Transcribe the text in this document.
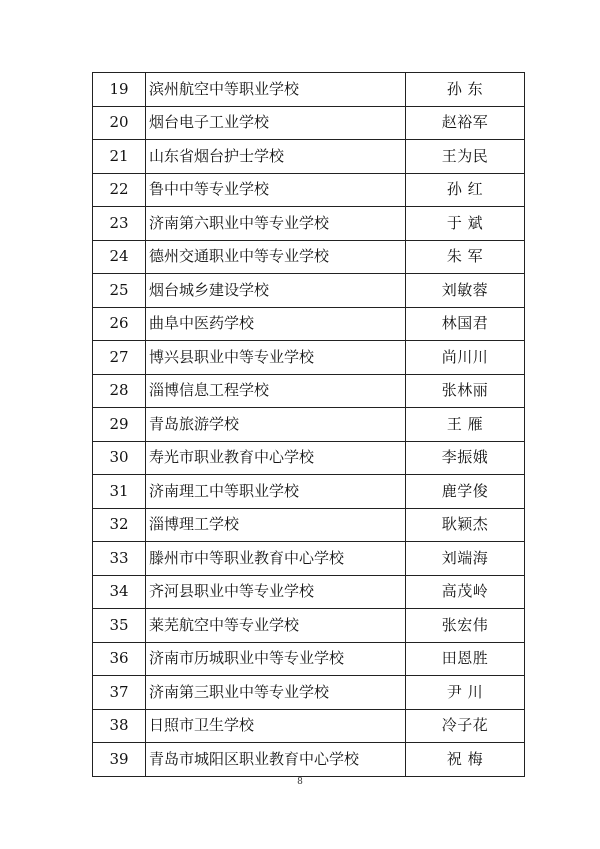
19	滨州航空中等职业学校	孙 东
20	烟台电子工业学校	赵裕军
21	山东省烟台护士学校	王为民
22	鲁中中等专业学校	孙 红
23	济南第六职业中等专业学校	于 斌
24	德州交通职业中等专业学校	朱 军
25	烟台城乡建设学校	刘敏蓉
26	曲阜中医药学校	林国君
27	博兴县职业中等专业学校	尚川川
28	淄博信息工程学校	张林丽
29	青岛旅游学校	王 雁
30	寿光市职业教育中心学校	李振娥
31	济南理工中等职业学校	鹿学俊
32	淄博理工学校	耿颖杰
33	滕州市中等职业教育中心学校	刘端海
34	齐河县职业中等专业学校	高茂岭
35	莱芜航空中等专业学校	张宏伟
36	济南市历城职业中等专业学校	田恩胜
37	济南第三职业中等专业学校	尹 川
38	日照市卫生学校	冷子花
39	青岛市城阳区职业教育中心学校	祝 梅
8
